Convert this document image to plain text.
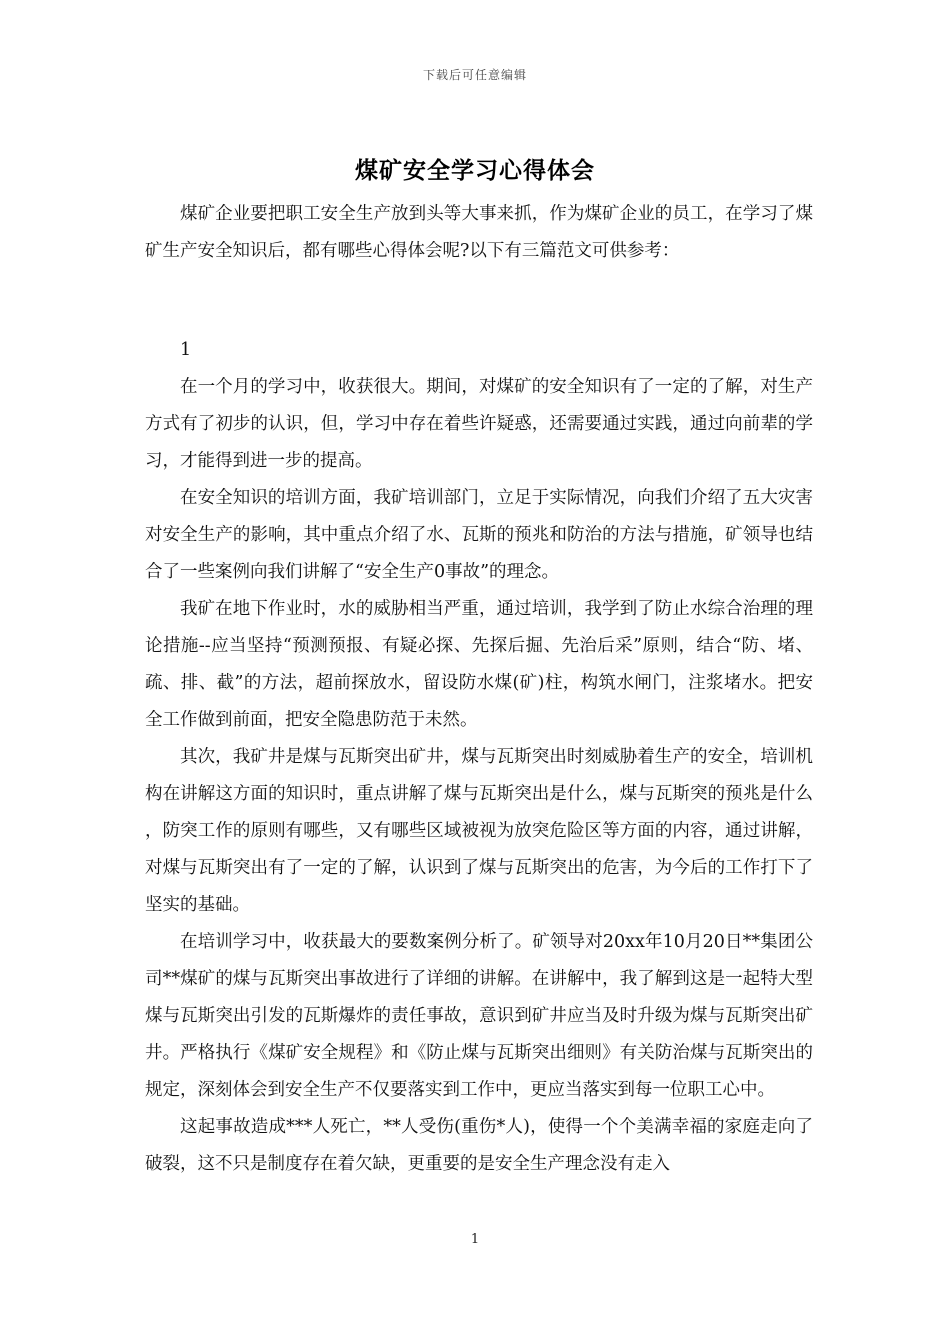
下载后可任意编辑
煤矿安全学习心得体会

煤矿企业要把职工安全生产放到头等大事来抓，作为煤矿企业的员工，在学习了煤矿生产安全知识后，都有哪些心得体会呢?以下有三篇范文可供参考：

1

在一个月的学习中，收获很大。期间，对煤矿的安全知识有了一定的了解，对生产方式有了初步的认识，但，学习中存在着些许疑惑，还需要通过实践，通过向前辈的学习，才能得到进一步的提高。

在安全知识的培训方面，我矿培训部门，立足于实际情况，向我们介绍了五大灾害对安全生产的影响，其中重点介绍了水、瓦斯的预兆和防治的方法与措施，矿领导也结合了一些案例向我们讲解了“安全生产0事故”的理念。

我矿在地下作业时，水的威胁相当严重，通过培训，我学到了防止水综合治理的理论措施--应当坚持“预测预报、有疑必探、先探后掘、先治后采”原则，结合“防、堵、疏、排、截”的方法，超前探放水，留设防水煤(矿)柱，构筑水闸门，注浆堵水。把安全工作做到前面，把安全隐患防范于未然。

其次，我矿井是煤与瓦斯突出矿井，煤与瓦斯突出时刻威胁着生产的安全，培训机构在讲解这方面的知识时，重点讲解了煤与瓦斯突出是什么，煤与瓦斯突的预兆是什么，防突工作的原则有哪些，又有哪些区域被视为放突危险区等方面的内容，通过讲解，对煤与瓦斯突出有了一定的了解，认识到了煤与瓦斯突出的危害，为今后的工作打下了坚实的基础。

在培训学习中，收获最大的要数案例分析了。矿领导对20xx年10月20日**集团公司**煤矿的煤与瓦斯突出事故进行了详细的讲解。在讲解中，我了解到这是一起特大型煤与瓦斯突出引发的瓦斯爆炸的责任事故，意识到矿井应当及时升级为煤与瓦斯突出矿井。严格执行《煤矿安全规程》和《防止煤与瓦斯突出细则》有关防治煤与瓦斯突出的规定，深刻体会到安全生产不仅要落实到工作中，更应当落实到每一位职工心中。

这起事故造成***人死亡，**人受伤(重伤*人)，使得一个个美满幸福的家庭走向了破裂，这不只是制度存在着欠缺，更重要的是安全生产理念没有走入

1
